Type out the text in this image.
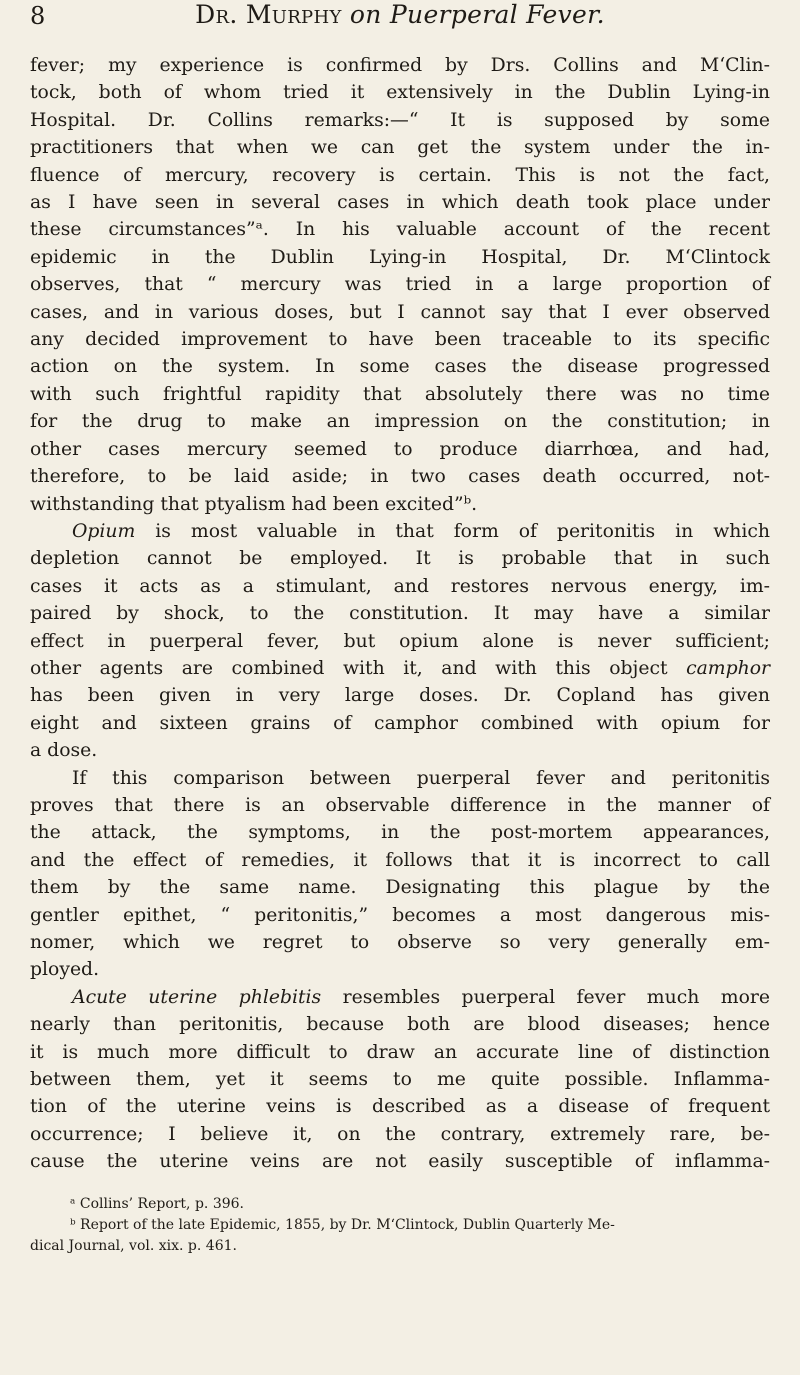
8	Dr. Murphy on Puerperal Fever.
fever; my experience is confirmed by Drs. Collins and M‘Clin-
tock, both of whom tried it extensively in the Dublin Lying-in
Hospital. Dr. Collins remarks:—“ It is supposed by some
practitioners that when we can get the system under the in-
fluence of mercury, recovery is certain. This is not the fact,
as I have seen in several cases in which death took place under
these circumstances”ᵃ. In his valuable account of the recent
epidemic in the Dublin Lying-in Hospital, Dr. M‘Clintock
observes, that “ mercury was tried in a large proportion of
cases, and in various doses, but I cannot say that I ever observed
any decided improvement to have been traceable to its specific
action on the system. In some cases the disease progressed
with such frightful rapidity that absolutely there was no time
for the drug to make an impression on the constitution; in
other cases mercury seemed to produce diarrhœa, and had,
therefore, to be laid aside; in two cases death occurred, not-
withstanding that ptyalism had been excited”ᵇ.
Opium is most valuable in that form of peritonitis in which
depletion cannot be employed. It is probable that in such
cases it acts as a stimulant, and restores nervous energy, im-
paired by shock, to the constitution. It may have a similar
effect in puerperal fever, but opium alone is never sufficient;
other agents are combined with it, and with this object camphor
has been given in very large doses. Dr. Copland has given
eight and sixteen grains of camphor combined with opium for
a dose.
If this comparison between puerperal fever and peritonitis
proves that there is an observable difference in the manner of
the attack, the symptoms, in the post-mortem appearances,
and the effect of remedies, it follows that it is incorrect to call
them by the same name. Designating this plague by the
gentler epithet, “ peritonitis,” becomes a most dangerous mis-
nomer, which we regret to observe so very generally em-
ployed.
Acute uterine phlebitis resembles puerperal fever much more
nearly than peritonitis, because both are blood diseases; hence
it is much more difficult to draw an accurate line of distinction
between them, yet it seems to me quite possible. Inflamma-
tion of the uterine veins is described as a disease of frequent
occurrence; I believe it, on the contrary, extremely rare, be-
cause the uterine veins are not easily susceptible of inflamma-

ᵃ Collins’ Report, p. 396.

ᵇ Report of the late Epidemic, 1855, by Dr. M‘Clintock, Dublin Quarterly Me-

dical Journal, vol. xix. p. 461.
